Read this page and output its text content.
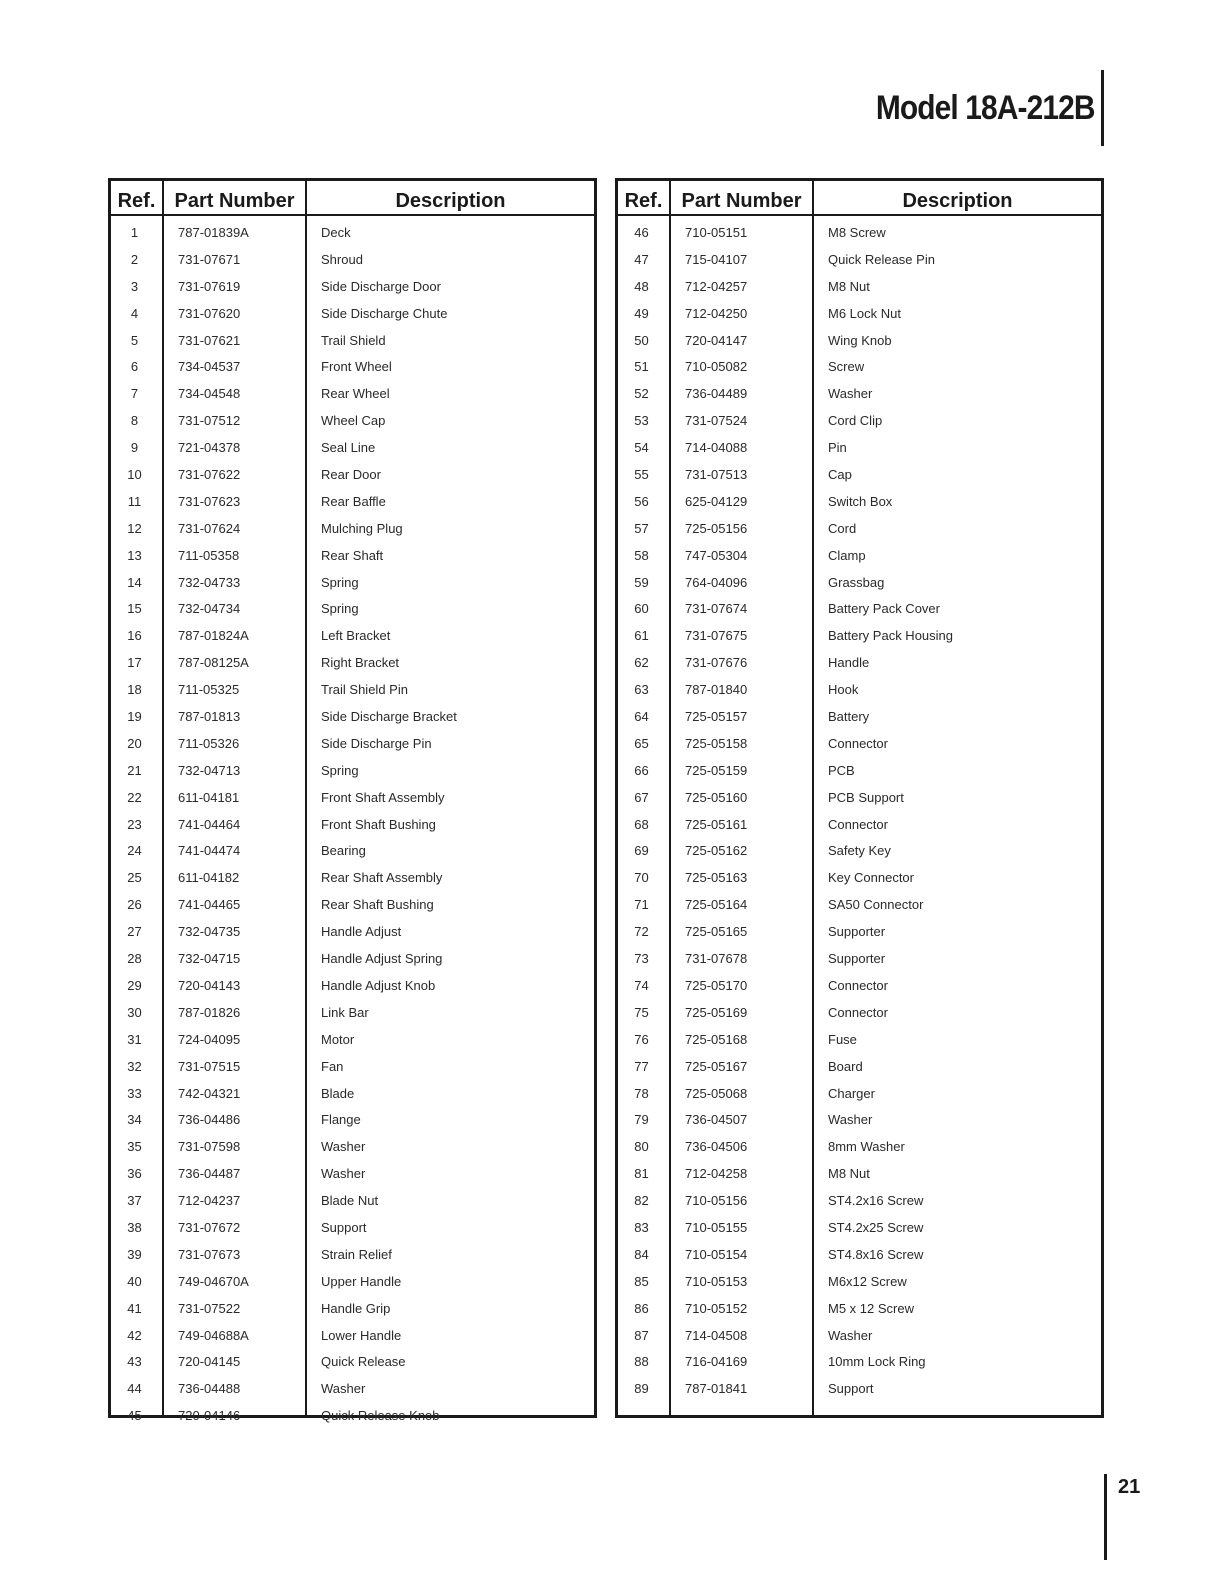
Model 18A-212B
Ref. Part Number	Description
1	787-01839A	Deck
2	731-07671	Shroud
3	731-07619	Side Discharge Door
4	731-07620	Side Discharge Chute
5	731-07621	Trail Shield
6	734-04537	Front Wheel
7	734-04548	Rear Wheel
8	731-07512	Wheel Cap
9	721-04378	Seal Line
10	731-07622	Rear Door
11	731-07623	Rear Baffle
12	731-07624	Mulching Plug
13	711-05358	Rear Shaft
14	732-04733	Spring
15	732-04734	Spring
16	787-01824A	Left Bracket
17	787-08125A	Right Bracket
18	711-05325	Trail Shield Pin
19	787-01813	Side Discharge Bracket
20	711-05326	Side Discharge Pin
21	732-04713	Spring
22	611-04181	Front Shaft Assembly
23	741-04464	Front Shaft Bushing
24	741-04474	Bearing
25	611-04182	Rear Shaft Assembly
26	741-04465	Rear Shaft Bushing
27	732-04735	Handle Adjust
28	732-04715	Handle Adjust Spring
29	720-04143	Handle Adjust Knob
30	787-01826	Link Bar
31	724-04095	Motor
32	731-07515	Fan
33	742-04321	Blade
34	736-04486	Flange
35	731-07598	Washer
36	736-04487	Washer
37	712-04237	Blade Nut
38	731-07672	Support
39	731-07673	Strain Relief
40	749-04670A	Upper Handle
41	731-07522	Handle Grip
42	749-04688A	Lower Handle
43	720-04145	Quick Release
44	736-04488	Washer
45	720-04146	Quick Release Knob
Ref. Part Number	Description
46	710-05151	M8 Screw
47	715-04107	Quick Release Pin
48	712-04257	M8 Nut
49	712-04250	M6 Lock Nut
50	720-04147	Wing Knob
51	710-05082	Screw
52	736-04489	Washer
53	731-07524	Cord Clip
54	714-04088	Pin
55	731-07513	Cap
56	625-04129	Switch Box
57	725-05156	Cord
58	747-05304	Clamp
59	764-04096	Grassbag
60	731-07674	Battery Pack Cover
61	731-07675	Battery Pack Housing
62	731-07676	Handle
63	787-01840	Hook
64	725-05157	Battery
65	725-05158	Connector
66	725-05159	PCB
67	725-05160	PCB Support
68	725-05161	Connector
69	725-05162	Safety Key
70	725-05163	Key Connector
71	725-05164	SA50 Connector
72	725-05165	Supporter
73	731-07678	Supporter
74	725-05170	Connector
75	725-05169	Connector
76	725-05168	Fuse
77	725-05167	Board
78	725-05068	Charger
79	736-04507	Washer
80	736-04506	8mm Washer
81	712-04258	M8 Nut
82	710-05156	ST4.2x16 Screw
83	710-05155	ST4.2x25 Screw
84	710-05154	ST4.8x16 Screw
85	710-05153	M6x12 Screw
86	710-05152	M5 x 12 Screw
87	714-04508	Washer
88	716-04169	10mm Lock Ring
89	787-01841	Support
21
